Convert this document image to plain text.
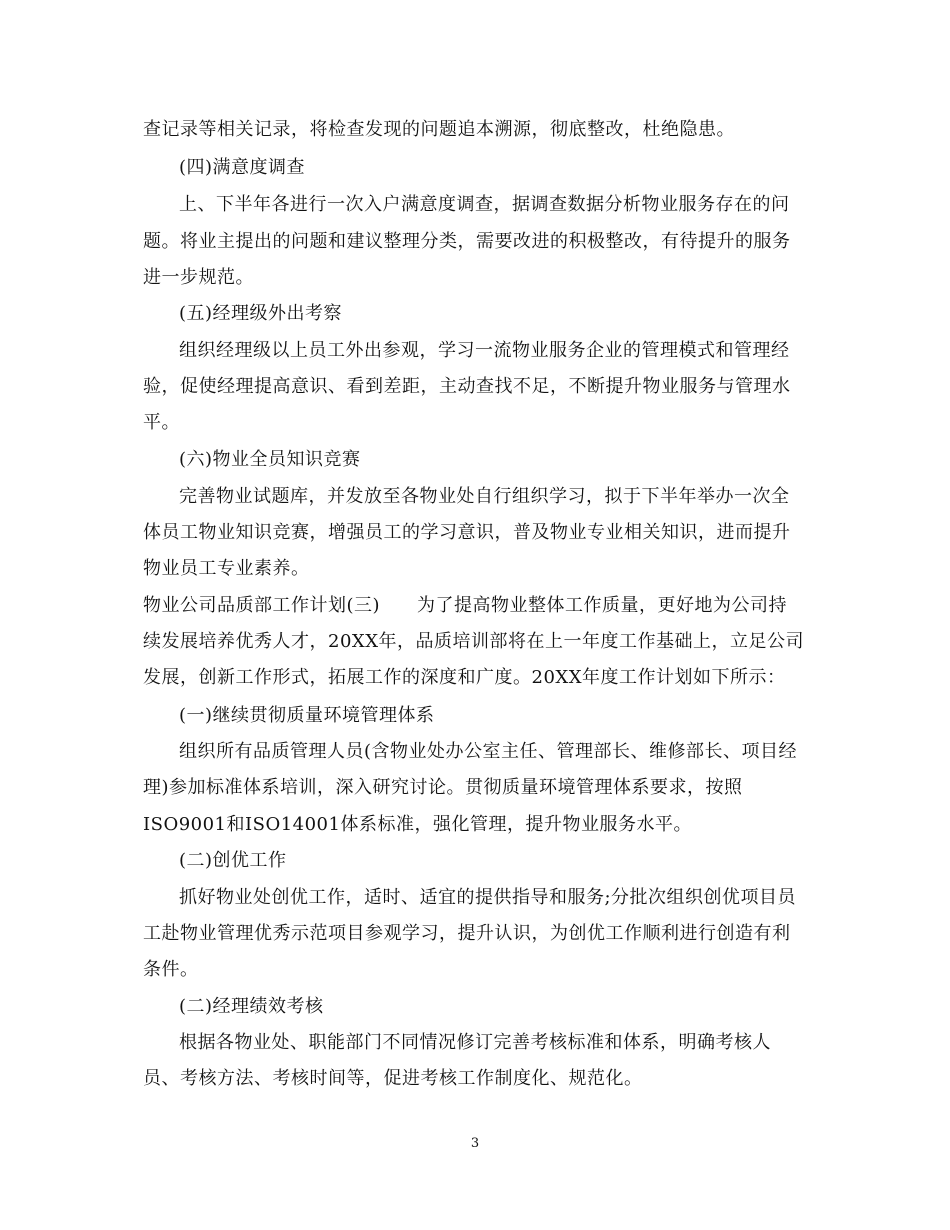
查记录等相关记录，将检查发现的问题追本溯源，彻底整改，杜绝隐患。
(四)满意度调查
上、下半年各进行一次入户满意度调查，据调查数据分析物业服务存在的问
题。将业主提出的问题和建议整理分类，需要改进的积极整改，有待提升的服务
进一步规范。
(五)经理级外出考察
组织经理级以上员工外出参观，学习一流物业服务企业的管理模式和管理经
验，促使经理提高意识、看到差距，主动查找不足，不断提升物业服务与管理水
平。
(六)物业全员知识竞赛
完善物业试题库，并发放至各物业处自行组织学习，拟于下半年举办一次全
体员工物业知识竞赛，增强员工的学习意识，普及物业专业相关知识，进而提升
物业员工专业素养。
物业公司品质部工作计划(三)　　为了提高物业整体工作质量，更好地为公司持
续发展培养优秀人才，20XX年，品质培训部将在上一年度工作基础上，立足公司
发展，创新工作形式，拓展工作的深度和广度。20XX年度工作计划如下所示：
(一)继续贯彻质量环境管理体系
组织所有品质管理人员(含物业处办公室主任、管理部长、维修部长、项目经
理)参加标准体系培训，深入研究讨论。贯彻质量环境管理体系要求，按照
ISO9001和ISO14001体系标准，强化管理，提升物业服务水平。
(二)创优工作
抓好物业处创优工作，适时、适宜的提供指导和服务;分批次组织创优项目员
工赴物业管理优秀示范项目参观学习，提升认识，为创优工作顺利进行创造有利
条件。
(二)经理绩效考核
根据各物业处、职能部门不同情况修订完善考核标准和体系，明确考核人
员、考核方法、考核时间等，促进考核工作制度化、规范化。
3
